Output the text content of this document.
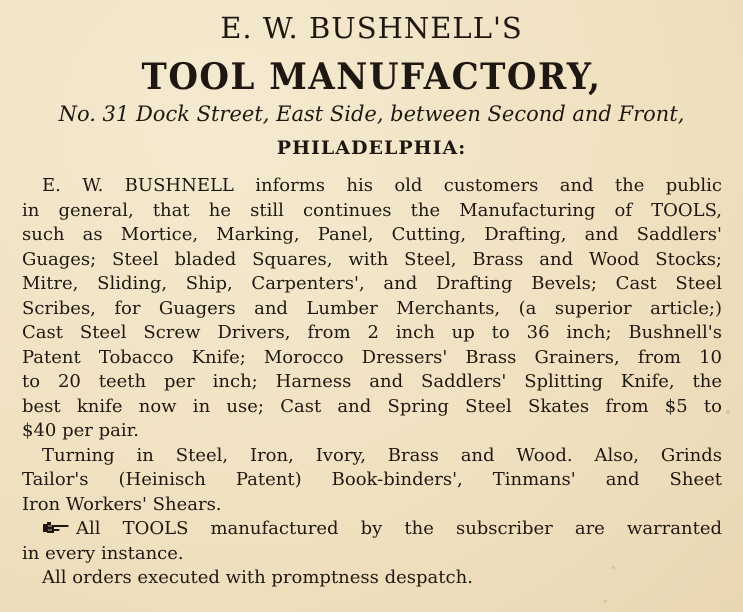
E. W. BUSHNELL'S
TOOL MANUFACTORY,
No. 31 Dock Street, East Side, between Second and Front,
PHILADELPHIA:
E. W. BUSHNELL informs his old customers and the public
in general, that he still continues the Manufacturing of TOOLS,
such as Mortice, Marking, Panel, Cutting, Drafting, and Saddlers'
Guages; Steel bladed Squares, with Steel, Brass and Wood Stocks;
Mitre, Sliding, Ship, Carpenters', and Drafting Bevels; Cast Steel
Scribes, for Guagers and Lumber Merchants, (a superior article;)
Cast Steel Screw Drivers, from 2 inch up to 36 inch; Bushnell's
Patent Tobacco Knife; Morocco Dressers' Brass Grainers, from 10
to 20 teeth per inch; Harness and Saddlers' Splitting Knife, the
best knife now in use; Cast and Spring Steel Skates from $5 to
$40 per pair.
Turning in Steel, Iron, Ivory, Brass and Wood. Also, Grinds
Tailor's (Heinisch Patent) Book-binders', Tinmans' and Sheet
Iron Workers' Shears.
All TOOLS manufactured by the subscriber are warranted
in every instance.
All orders executed with promptness despatch.
